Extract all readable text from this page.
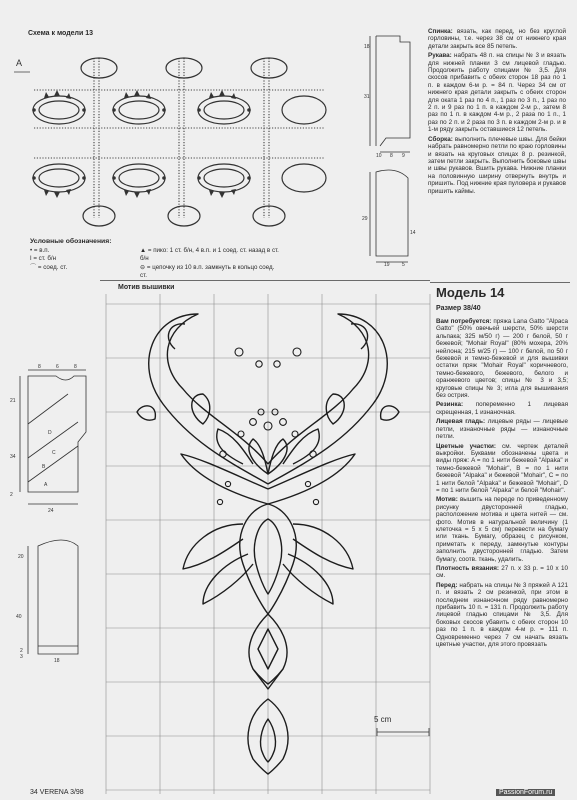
Схема к модели 13
A
Условные обозначения:
• = в.п.
ǀ = ст. б/н
⌒ = соед. ст.
▲ = пико: 1 ст. б/н, 4 в.п. и 1 соед. ст. назад в ст. б/н
⊖ = цепочку из 10 в.п. замкнуть в кольцо соед. ст.
18
31
10 8 9
29
14
19 5

Спинка: вязать, как перед, но без круглой горловины, т.е. через 38 см от нижнего края детали закрыть все 85 петель.

Рукава: набрать 48 п. на спицы № 3 и вязать для нижней планки 3 см лицевой гладью. Продолжить работу спицами № 3,5. Для скосов прибавить с обеих сторон 18 раз по 1 п. в каждом 6-м р. = 84 п. Через 34 см от нижнего края детали закрыть с обеих сторон для оката 1 раз по 4 п., 1 раз по 3 п., 1 раз по 2 п. и 9 раз по 1 п. в каждом 2-м р., затем 8 раз по 1 п. в каждом 4-м р., 2 раза по 1 п., 1 раз по 2 п. и 2 раза по 3 п. в каждом 2-м р. и в 1-м ряду закрыть оставшиеся 12 петель.

Сборка: выполнить плечевые швы. Для бейки набрать равномерно петли по краю горловины и вязать на круговых спицах 8 р. резинкой, затем петли закрыть. Выполнить боковые швы и швы рукавов. Вшить рукава. Нижние планки на половинную ширину отвернуть внутрь и пришить. Под нижние края пуловера и рукавов пришить каймы.

Мотив вышивки
5 cm
8	6	8
21
34
24
2
D
C
B
A
20
40
2
3
18
Модель 14
Размер 38/40

Вам потребуется: пряжа Lana Gatto "Alpaca Gatto" (50% овечьей шерсти, 50% шерсти альпака; 325 м/50 г) — 200 г белой, 50 г бежевой; "Mohair Royal" (80% мохера, 20% нейлона; 215 м/25 г) — 100 г белой, по 50 г бежевой и темно-бежевой и для вышивки остатки пряж "Mohair Royal" коричневого, темно-бежевого, бежевого, белого и оранжевого цветов; спицы № 3 и 3,5; круговые спицы № 3; игла для вышивания без острия.

Резинка: попеременно 1 лицевая скрещенная, 1 изнаночная.

Лицевая гладь: лицевые ряды — лицевые петли, изнаночные ряды — изнаночные петли.

Цветные участки: см. чертеж деталей выкройки. Буквами обозначены цвета и виды пряж: A = по 1 нити бежевой "Alpaka" и темно-бежевой "Mohair", B = по 1 нити бежевой "Alpaka" и бежевой "Mohair", C = по 1 нити белой "Alpaka" и бежевой "Mohair", D = по 1 нити белой "Alpaka" и белой "Mohair".

Мотив: вышить на переде по приведенному рисунку двусторонней гладью, расположение мотива и цвета нитей — см. фото. Мотив в натуральной величину (1 клеточка = 5 x 5 см) перевести на бумагу или ткань. Бумагу, образец с рисунком, приметать к переду, замкнутые контуры заполнить двусторонней гладью. Затем бумагу, соотв. ткань, удалить.

Плотность вязания: 27 п. x 33 р. = 10 x 10 см.

Перед: набрать на спицы № 3 пряжей A 121 п. и вязать 2 см резинкой, при этом в последнем изнаночном ряду равномерно прибавить 10 п. = 131 п. Продолжить работу лицевой гладью спицами № 3,5. Для боковых скосов убавить с обеих сторон 10 раз по 1 п. в каждом 4-м р. = 111 п. Одновременно через 7 см начать вязать цветные участки, для этого провязать

34 VERENA 3/98	PassionForum.ru
